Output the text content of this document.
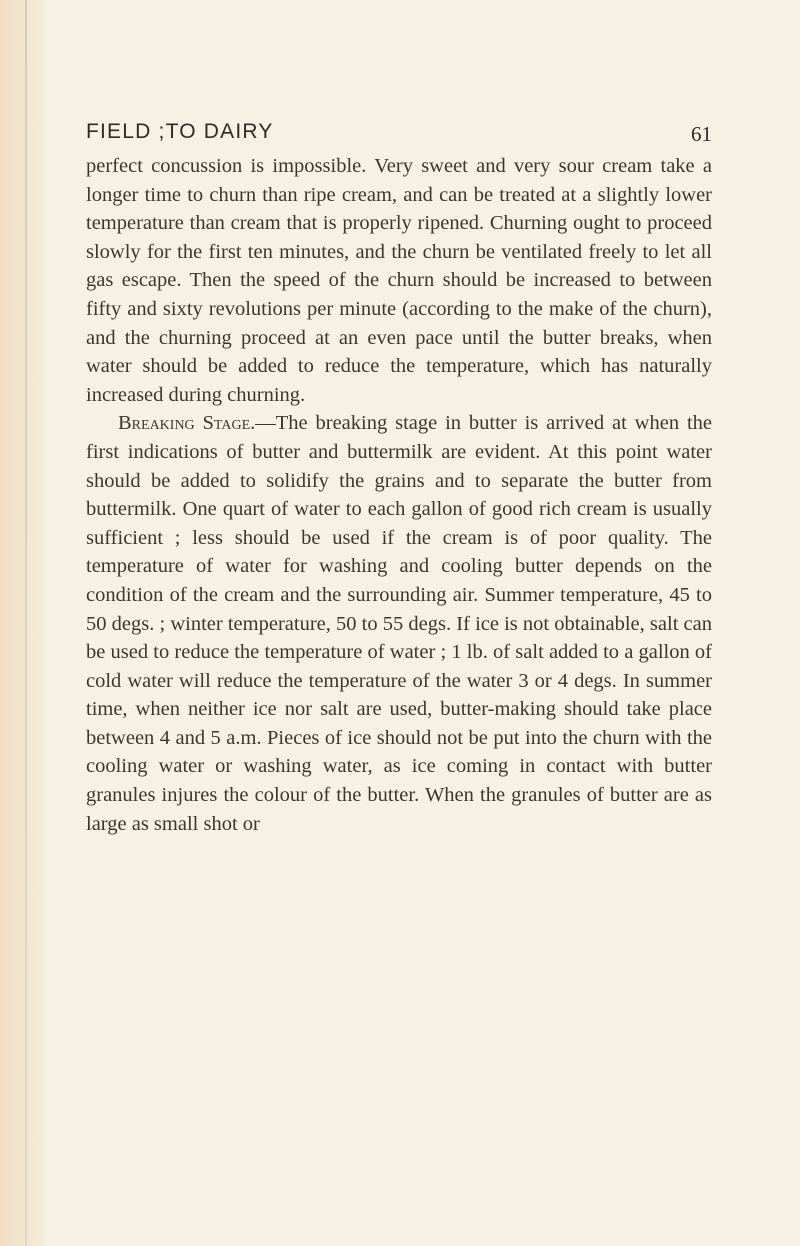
FIELD ;TO DAIRY	61

perfect concussion is impossible. Very sweet and very sour cream take a longer time to churn than ripe cream, and can be treated at a slightly lower temperature than cream that is properly ripened. Churning ought to proceed slowly for the first ten minutes, and the churn be ventilated freely to let all gas escape. Then the speed of the churn should be increased to between fifty and sixty revolutions per minute (according to the make of the churn), and the churning proceed at an even pace until the butter breaks, when water should be added to reduce the temperature, which has naturally increased during churning.

Breaking Stage.—The breaking stage in butter is arrived at when the first indications of butter and buttermilk are evident. At this point water should be added to solidify the grains and to separate the butter from buttermilk. One quart of water to each gallon of good rich cream is usually sufficient ; less should be used if the cream is of poor quality. The temperature of water for washing and cooling butter depends on the condition of the cream and the surrounding air. Summer temperature, 45 to 50 degs. ; winter temperature, 50 to 55 degs. If ice is not obtainable, salt can be used to reduce the temperature of water ; 1 lb. of salt added to a gallon of cold water will reduce the temperature of the water 3 or 4 degs. In summer time, when neither ice nor salt are used, butter-making should take place between 4 and 5 a.m. Pieces of ice should not be put into the churn with the cooling water or washing water, as ice coming in contact with butter granules injures the colour of the butter. When the granules of butter are as large as small shot or
